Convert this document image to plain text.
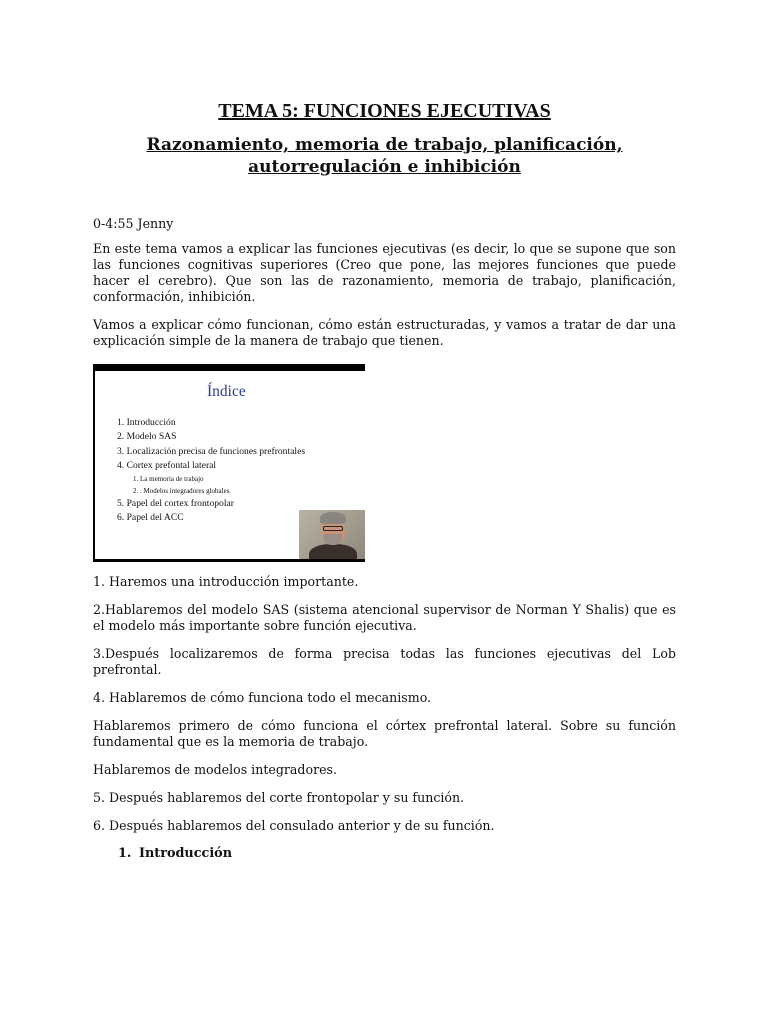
TEMA 5: FUNCIONES EJECUTIVAS
Razonamiento, memoria de trabajo, planificación,
autorregulación e inhibición

0-4:55 Jenny

En este tema vamos a explicar las funciones ejecutivas (es decir, lo que se supone que son las funciones cognitivas superiores (Creo que pone, las mejores funciones que puede hacer el cerebro). Que son las de razonamiento, memoria de trabajo, planificación, conformación, inhibición.

Vamos a explicar cómo funcionan, cómo están estructuradas, y vamos a tratar de dar una explicación simple de la manera de trabajo que tienen.

Índice
1. Introducción
2. Modelo SAS
3. Localización precisa de funciones prefrontales
4. Cortex prefontal lateral
1. La memoria de trabajo
2. . Modelos integradores globales
5. Papel del cortex frontopolar
6. Papel del ACC

1. Haremos una introducción importante.

2.Hablaremos del modelo SAS (sistema atencional supervisor de Norman Y Shalis) que es el modelo más importante sobre función ejecutiva.

3.Después localizaremos de forma precisa todas las funciones ejecutivas del Lob prefrontal.

4. Hablaremos de cómo funciona todo el mecanismo.

Hablaremos primero de cómo funciona el córtex prefrontal lateral. Sobre su función fundamental que es la memoria de trabajo.

Hablaremos de modelos integradores.

5. Después hablaremos del corte frontopolar y su función.

6. Después hablaremos del consulado anterior y de su función.

1. Introducción
